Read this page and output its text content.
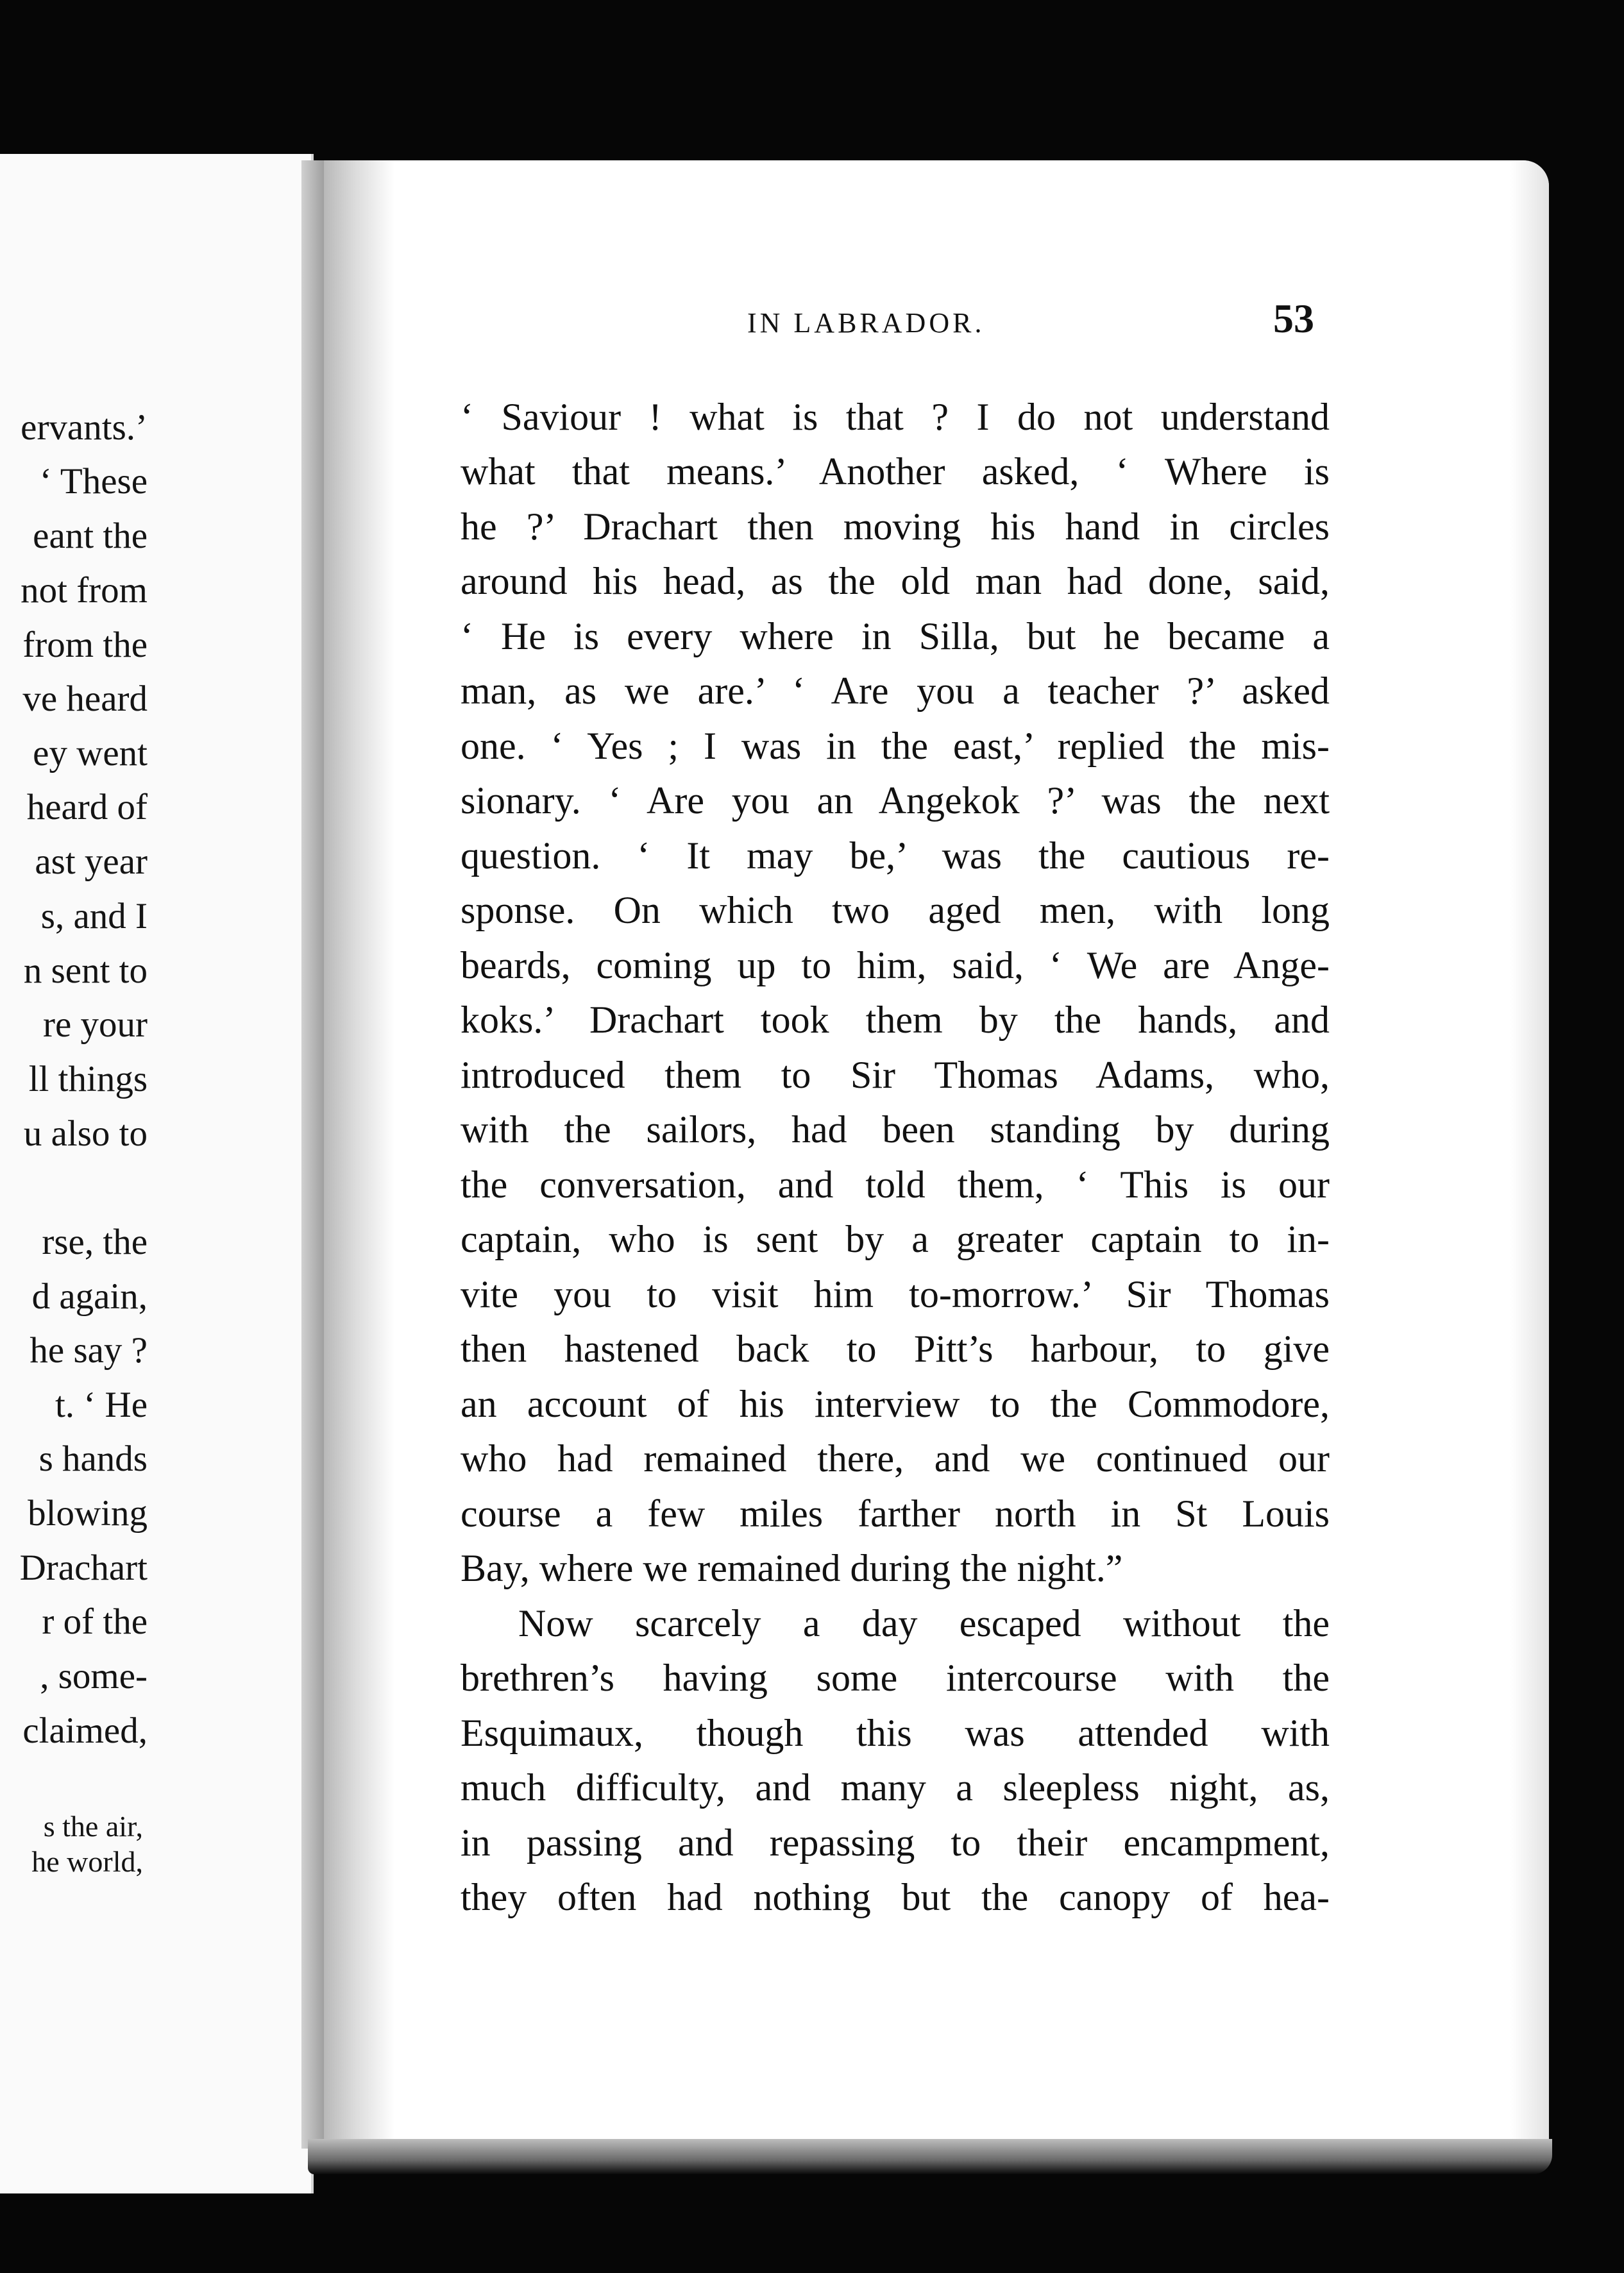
ervants.’
‘ These
eant the
not from
from the
ve heard
ey went
heard of
ast year
s, and I
n sent to
re your
ll things
u also to
rse, the
d again,
he say ?
t. ‘ He
s hands
blowing
Drachart
r of the
, some-
claimed,
s the air,
he world,
IN LABRADOR.	53
‘ Saviour ! what is that ? I do not understand
what that means.’ Another asked, ‘ Where is
he ?’ Drachart then moving his hand in circles
around his head, as the old man had done, said,
‘ He is every where in Silla, but he became a
man, as we are.’ ‘ Are you a teacher ?’ asked
one. ‘ Yes ; I was in the east,’ replied the mis-
sionary. ‘ Are you an Angekok ?’ was the next
question. ‘ It may be,’ was the cautious re-
sponse. On which two aged men, with long
beards, coming up to him, said, ‘ We are Ange-
koks.’ Drachart took them by the hands, and
introduced them to Sir Thomas Adams, who,
with the sailors, had been standing by during
the conversation, and told them, ‘ This is our
captain, who is sent by a greater captain to in-
vite you to visit him to-morrow.’ Sir Thomas
then hastened back to Pitt’s harbour, to give
an account of his interview to the Commodore,
who had remained there, and we continued our
course a few miles farther north in St Louis
Bay, where we remained during the night.”
Now scarcely a day escaped without the
brethren’s having some intercourse with the
Esquimaux, though this was attended with
much difficulty, and many a sleepless night, as,
in passing and repassing to their encampment,
they often had nothing but the canopy of hea-
